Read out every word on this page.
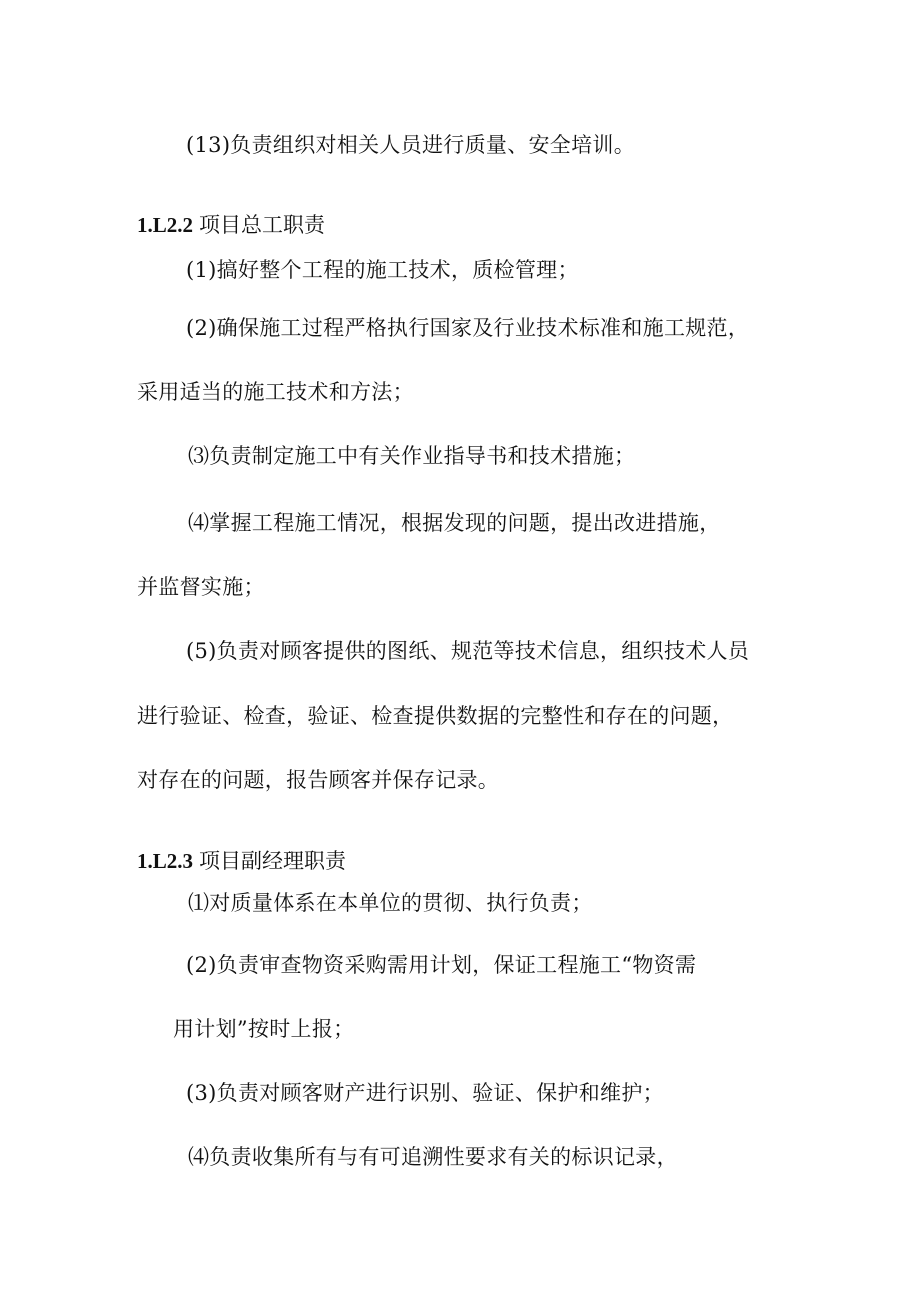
(13)负责组织对相关人员进行质量、安全培训。
1.L2.2 项目总工职责
(1)搞好整个工程的施工技术，质检管理；
(2)确保施工过程严格执行国家及行业技术标准和施工规范，
采用适当的施工技术和方法；
⑶负责制定施工中有关作业指导书和技术措施；
⑷掌握工程施工情况，根据发现的问题，提出改进措施，
并监督实施；
(5)负责对顾客提供的图纸、规范等技术信息，组织技术人员
进行验证、检查，验证、检查提供数据的完整性和存在的问题，
对存在的问题，报告顾客并保存记录。
1.L2.3 项目副经理职责
⑴对质量体系在本单位的贯彻、执行负责；
(2)负责审查物资采购需用计划，保证工程施工“物资需
用计划”按时上报；
(3)负责对顾客财产进行识别、验证、保护和维护；
⑷负责收集所有与有可追溯性要求有关的标识记录，
